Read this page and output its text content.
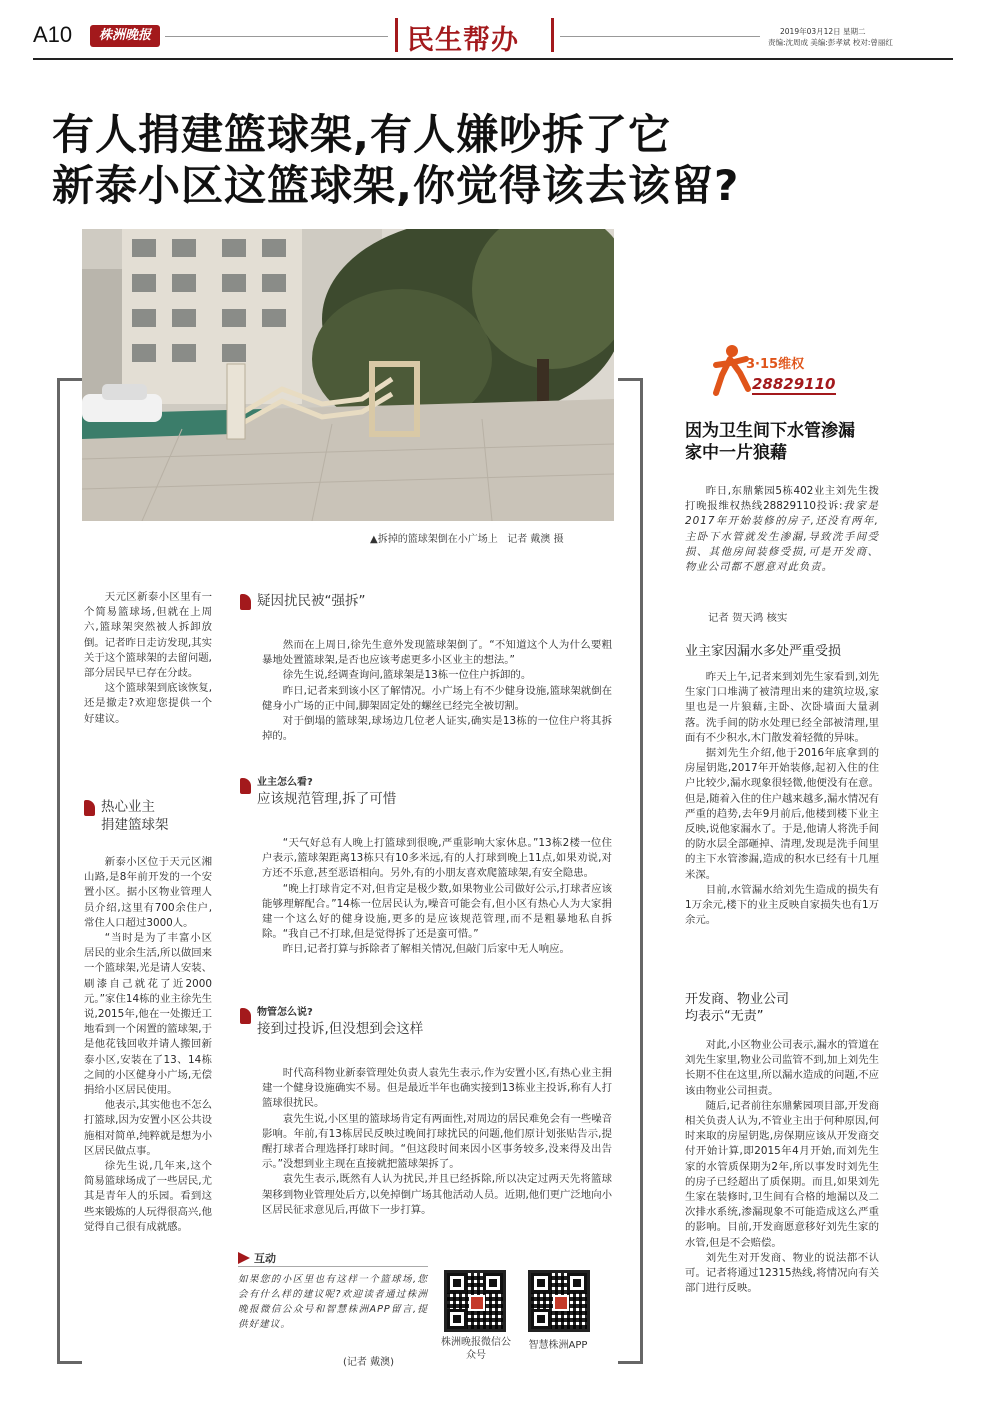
A10	株洲晚报	民生帮办	2019年03月12日 星期二
责编:沈周成 美编:彭孝斌 校对:曾丽红
有人捐建篮球架,有人嫌吵拆了它
新泰小区这篮球架,你觉得该去该留?
▲拆掉的篮球架倒在小广场上   记者 戴澳 摄

天元区新泰小区里有一个简易篮球场,但就在上周六,篮球架突然被人拆卸放倒。记者昨日走访发现,其实关于这个篮球架的去留问题,部分居民早已存在分歧。

这个篮球架到底该恢复,还是撤走?欢迎您提供一个好建议。

热心业主
捐建篮球架

新泰小区位于天元区湘山路,是8年前开发的一个安置小区。据小区物业管理人员介绍,这里有700余住户,常住人口超过3000人。

“当时是为了丰富小区居民的业余生活,所以做回来一个篮球架,光是请人安装、刷漆自己就花了近2000元。”家住14栋的业主徐先生说,2015年,他在一处搬迁工地看到一个闲置的篮球架,于是他花钱回收并请人搬回新泰小区,安装在了13、14栋之间的小区健身小广场,无偿捐给小区居民使用。

他表示,其实他也不怎么打篮球,因为安置小区公共设施相对简单,纯粹就是想为小区居民做点事。

徐先生说,几年来,这个简易篮球场成了一些居民,尤其是青年人的乐园。看到这些来锻炼的人玩得很高兴,他觉得自己很有成就感。

疑因扰民被“强拆”

然而在上周日,徐先生意外发现篮球架倒了。“不知道这个人为什么要粗暴地处置篮球架,是否也应该考虑更多小区业主的想法。”

徐先生说,经调查询问,篮球架是13栋一位住户拆卸的。

昨日,记者来到该小区了解情况。小广场上有不少健身设施,篮球架就倒在健身小广场的正中间,脚架固定处的螺丝已经完全被切割。

对于倒塌的篮球架,球场边几位老人证实,确实是13栋的一位住户将其拆掉的。

业主怎么看?
应该规范管理,拆了可惜

“天气好总有人晚上打篮球到很晚,严重影响大家休息。”13栋2楼一位住户表示,篮球架距离13栋只有10多米远,有的人打球到晚上11点,如果劝说,对方还不乐意,甚至恶语相向。另外,有的小朋友喜欢爬篮球架,有安全隐患。

“晚上打球肯定不对,但肯定是极少数,如果物业公司做好公示,打球者应该能够理解配合。”14栋一位居民认为,噪音可能会有,但小区有热心人为大家捐建一个这么好的健身设施,更多的是应该规范管理,而不是粗暴地私自拆除。“我自己不打球,但是觉得拆了还是蛮可惜。”

昨日,记者打算与拆除者了解相关情况,但敲门后家中无人响应。

物管怎么说?
接到过投诉,但没想到会这样

时代高科物业新泰管理处负责人袁先生表示,作为安置小区,有热心业主捐建一个健身设施确实不易。但是最近半年也确实接到13栋业主投诉,称有人打篮球很扰民。

袁先生说,小区里的篮球场肯定有两面性,对周边的居民难免会有一些噪音影响。年前,有13栋居民反映过晚间打球扰民的问题,他们原计划张贴告示,提醒打球者合理选择打球时间。“但这段时间来因小区事务较多,没来得及出告示。”没想到业主现在直接就把篮球架拆了。

袁先生表示,既然有人认为扰民,并且已经拆除,所以决定过两天先将篮球架移到物业管理处后方,以免掉倒广场其他活动人员。近期,他们更广泛地向小区居民征求意见后,再做下一步打算。

互动
如果您的小区里也有这样一个篮球场,您会有什么样的建议呢?欢迎读者通过株洲晚报微信公众号和智慧株洲APP留言,提供好建议。
(记者 戴澳)
株洲晚报微信公众号
智慧株洲APP
3·15维权
28829110
因为卫生间下水管渗漏
家中一片狼藉

昨日,东鼎紫园5栋402业主刘先生拨打晚报维权热线28829110投诉:我家是2017年开始装修的房子,还没有两年,主卧下水管就发生渗漏,导致洗手间受损、其他房间装修受损,可是开发商、物业公司都不愿意对此负责。

记者 贺天鸿 核实
业主家因漏水多处严重受损

昨天上午,记者来到刘先生家看到,刘先生家门口堆满了被清理出来的建筑垃圾,家里也是一片狼藉,主卧、次卧墙面大量剥落。洗手间的防水处理已经全部被清理,里面有不少积水,木门散发着轻微的异味。

据刘先生介绍,他于2016年底拿到的房屋钥匙,2017年开始装修,起初入住的住户比较少,漏水现象很轻微,他便没有在意。但是,随着入住的住户越来越多,漏水情况有严重的趋势,去年9月前后,他楼到楼下业主反映,说他家漏水了。于是,他请人将洗手间的防水层全部砸掉、清理,发现是洗手间里的主下水管渗漏,造成的积水已经有十几厘米深。

目前,水管漏水给刘先生造成的损失有1万余元,楼下的业主反映自家损失也有1万余元。

开发商、物业公司
均表示“无责”

对此,小区物业公司表示,漏水的管道在刘先生家里,物业公司监管不到,加上刘先生长期不住在这里,所以漏水造成的问题,不应该由物业公司担责。

随后,记者前往东鼎紫园项目部,开发商相关负责人认为,不管业主出于何种原因,何时来取的房屋钥匙,房保期应该从开发商交付开始计算,即2015年4月开始,而刘先生家的水管质保期为2年,所以事发时刘先生的房子已经超出了质保期。而且,如果刘先生家在装修时,卫生间有合格的地漏以及二次排水系统,渗漏现象不可能造成这么严重的影响。目前,开发商愿意移好刘先生家的水管,但是不会赔偿。

刘先生对开发商、物业的说法都不认可。记者将通过12315热线,将情况向有关部门进行反映。
